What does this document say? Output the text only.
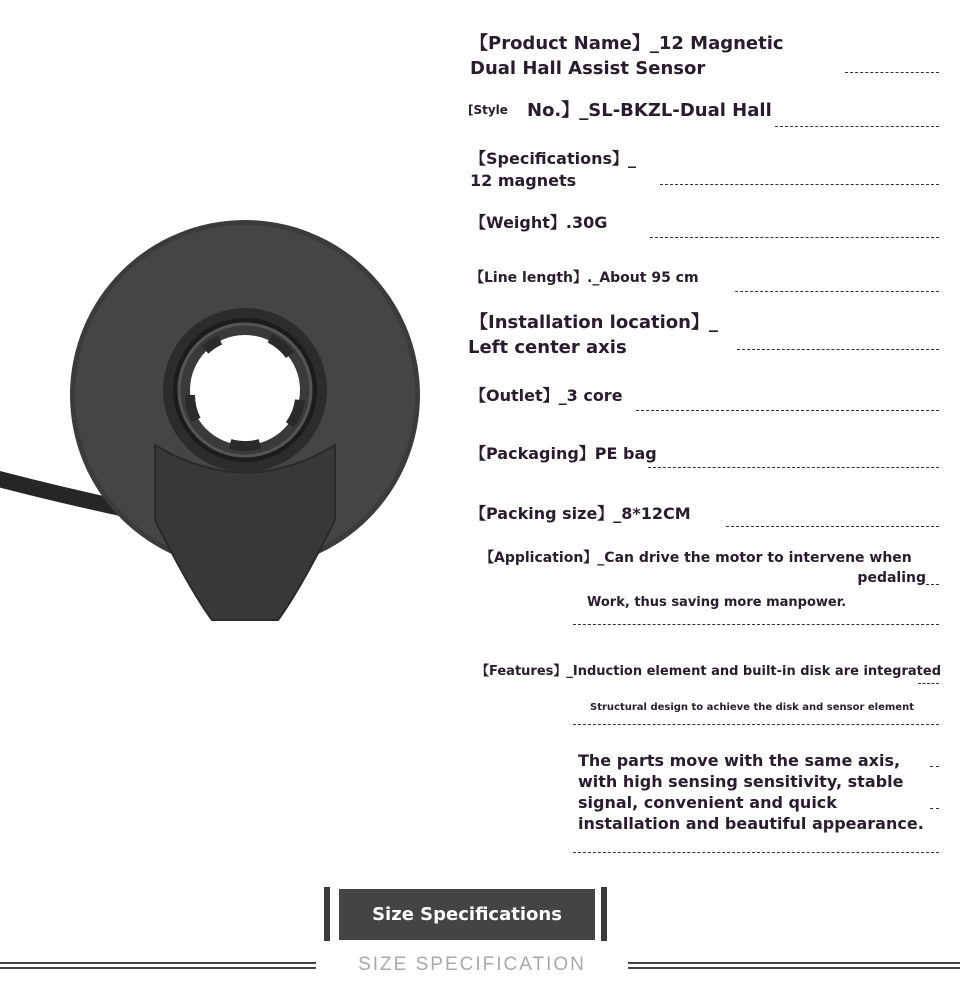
【Product Name】_12 Magnetic
Dual Hall Assist Sensor
[Style No.】_SL-BKZL-Dual Hall
【Specifications】_
12 magnets
【Weight】.30G
【Line length】._About 95 cm
【Installation location】_
Left center axis
【Outlet】_3 core
【Packaging】PE bag
【Packing size】_8*12CM
【Application】_Can drive the motor to intervene when
pedaling
Work, thus saving more manpower.
【Features】_Induction element and built-in disk are integrated
Structural design to achieve the disk and sensor element
The parts move with the same axis,
with high sensing sensitivity, stable
signal, convenient and quick
installation and beautiful appearance.
Size Specifications
SIZE SPECIFICATION
